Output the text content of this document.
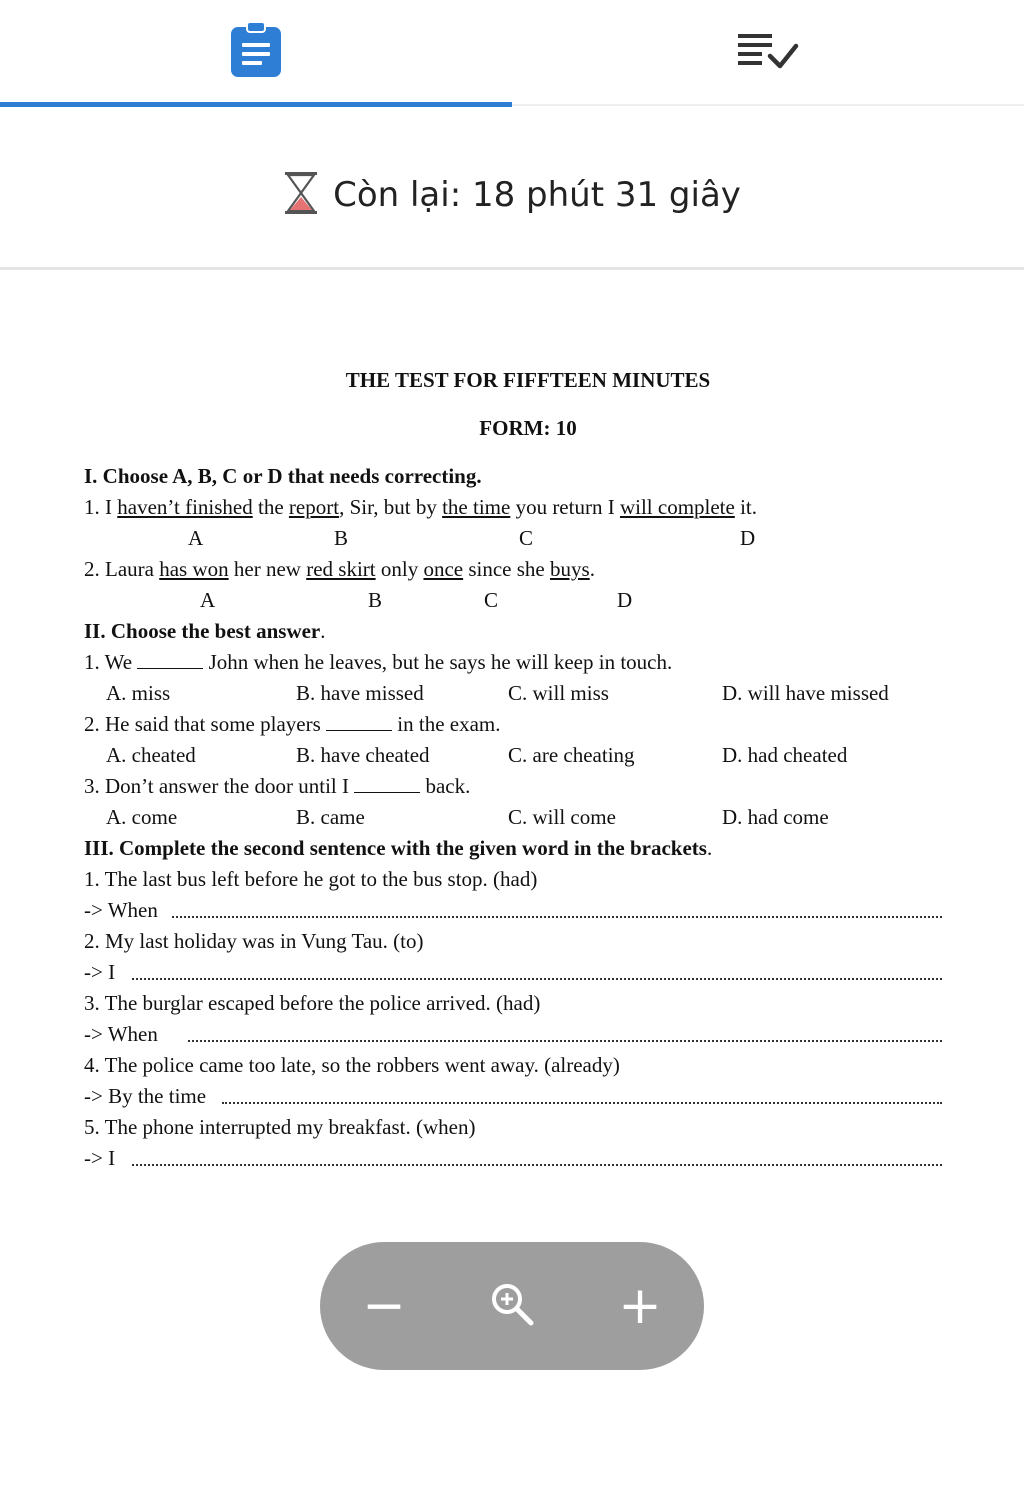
Còn lại: 18 phút 31 giây
THE TEST FOR FIFFTEEN MINUTES
FORM: 10
I. Choose A, B, C or D that needs correcting.
1. I haven’t finished the report, Sir, but by the time you return I will complete it.
A	B	C	D
2. Laura has won her new red skirt only once since she buys.
A	B	C	D
II. Choose the best answer.
1. We	John when he leaves, but he says he will keep in touch.
A. miss	B. have missed	C. will miss	D. will have missed
2. He said that some players	in the exam.
A. cheated	B. have cheated	C. are cheating	D. had cheated
3. Don’t answer the door until I	back.
A. come	B. came	C. will come	D. had come
III. Complete the second sentence with the given word in the brackets.
1. The last bus left before he got to the bus stop. (had)
-> When
2. My last holiday was in Vung Tau. (to)
-> I
3. The burglar escaped before the police arrived. (had)
-> When
4. The police came too late, so the robbers went away. (already)
-> By the time
5. The phone interrupted my breakfast. (when)
-> I
−	+
